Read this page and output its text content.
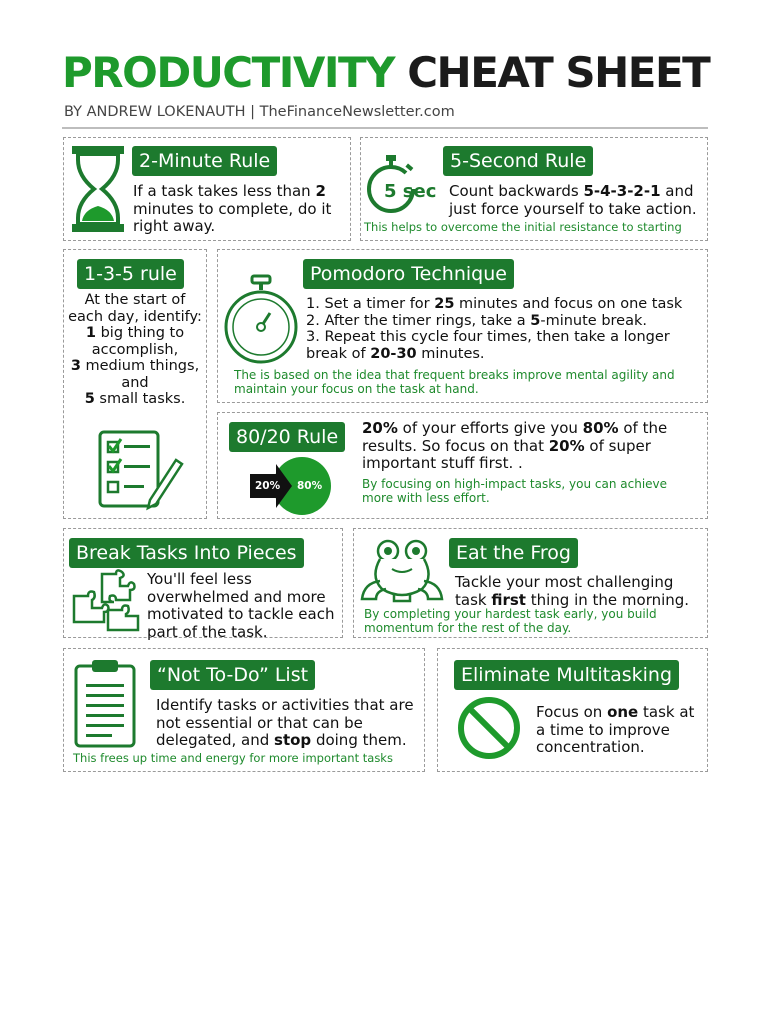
PRODUCTIVITY CHEAT SHEET
BY ANDREW LOKENAUTH | TheFinanceNewsletter.com
2-Minute Rule
If a task takes less than 2 minutes to complete, do it right away.
5 sec
5-Second Rule
Count backwards 5-4-3-2-1 and just force yourself to take action.
This helps to overcome the initial resistance to starting
1-3-5 rule
At the start of each day, identify:
1 big thing to accomplish,
3 medium things, and
5 small tasks.
Pomodoro Technique
1. Set a timer for 25 minutes and focus on one task
2. After the timer rings, take a 5-minute break.
3. Repeat this cycle four times, then take a longer break of 20-30 minutes.
The is based on the idea that frequent breaks improve mental agility and maintain your focus on the task at hand.
80/20 Rule
20% 80%
20% of your efforts give you 80% of the results. So focus on that 20% of super important stuff first. .
By focusing on high-impact tasks, you can achieve more with less effort.
Break Tasks Into Pieces
You'll feel less overwhelmed and more motivated to tackle each part of the task.
Eat the Frog
Tackle your most challenging task first thing in the morning.
By completing your hardest task early, you build momentum for the rest of the day.
“Not To-Do” List
Identify tasks or activities that are not essential or that can be delegated, and stop doing them.
This frees up time and energy for more important tasks
Eliminate Multitasking
Focus on one task at a time to improve concentration.
